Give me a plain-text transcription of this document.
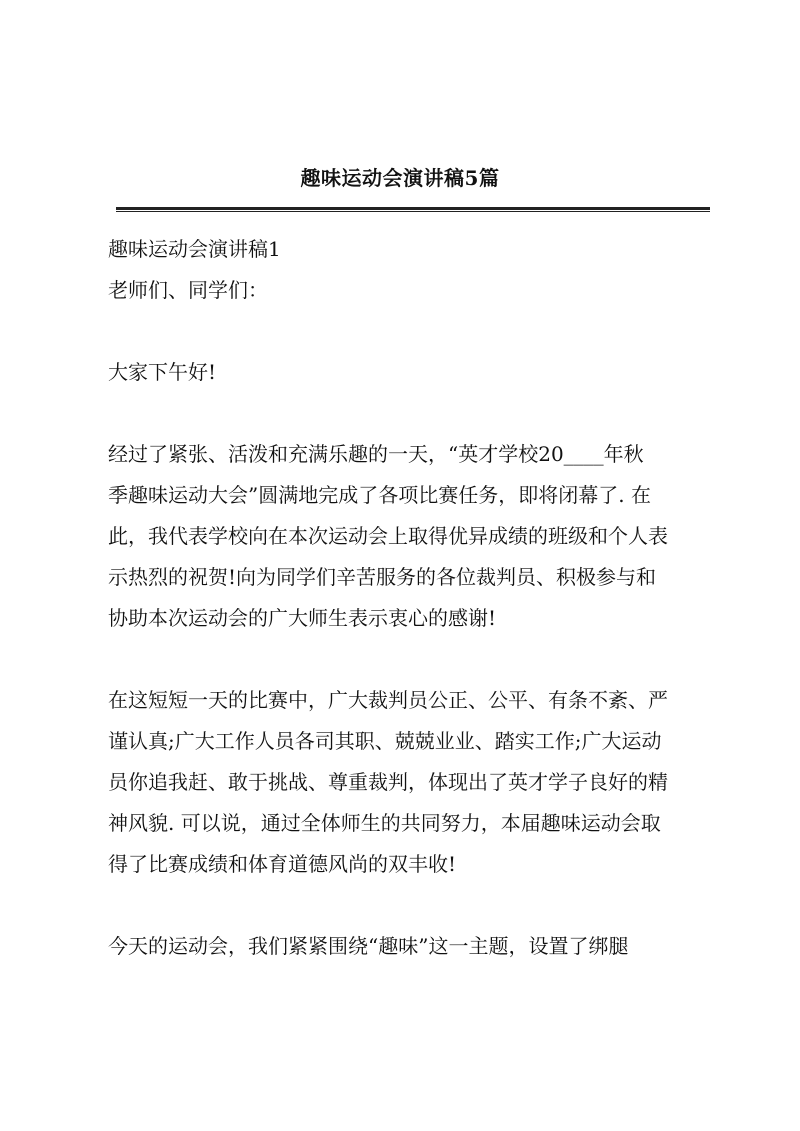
趣味运动会演讲稿5篇
趣味运动会演讲稿1
老师们、同学们：
大家下午好!
经过了紧张、活泼和充满乐趣的一天，“英才学校20____年秋
季趣味运动大会”圆满地完成了各项比赛任务，即将闭幕了. 在
此，我代表学校向在本次运动会上取得优异成绩的班级和个人表
示热烈的祝贺!向为同学们辛苦服务的各位裁判员、积极参与和
协助本次运动会的广大师生表示衷心的感谢!
在这短短一天的比赛中，广大裁判员公正、公平、有条不紊、严
谨认真;广大工作人员各司其职、兢兢业业、踏实工作;广大运动
员你追我赶、敢于挑战、尊重裁判，体现出了英才学子良好的精
神风貌. 可以说，通过全体师生的共同努力，本届趣味运动会取
得了比赛成绩和体育道德风尚的双丰收!
今天的运动会，我们紧紧围绕“趣味”这一主题，设置了绑腿
